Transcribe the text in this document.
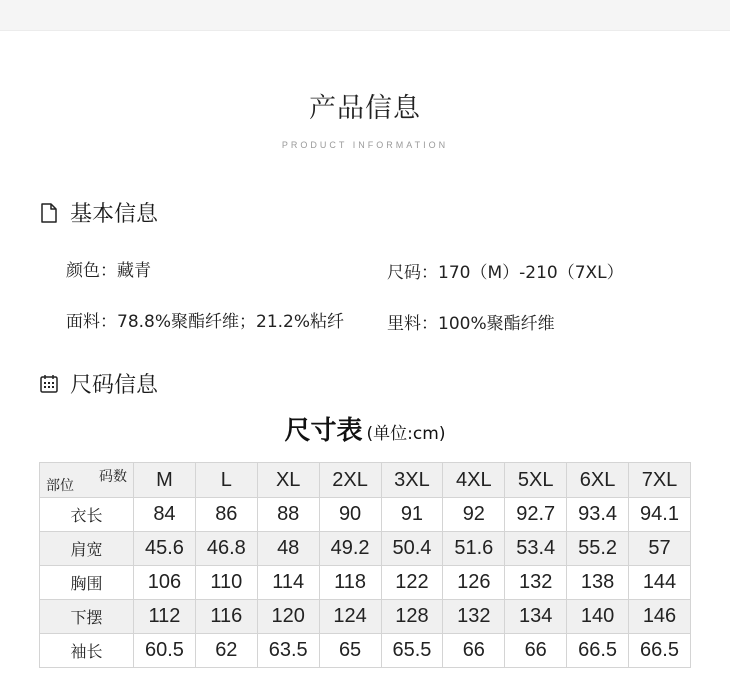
产品信息
PRODUCT INFORMATION
基本信息
颜色：藏青	尺码：170（M）-210（7XL）
面料：78.8%聚酯纤维；21.2%粘纤	里料：100%聚酯纤维
尺码信息
尺寸表 (单位:cm)
码数
部位	M	L	XL	2XL	3XL	4XL	5XL	6XL	7XL
衣长	84	86	88	90	91	92	92.7	93.4	94.1
肩宽	45.6	46.8	48	49.2	50.4	51.6	53.4	55.2	57
胸围	106	110	114	118	122	126	132	138	144
下摆	112	116	120	124	128	132	134	140	146
袖长	60.5	62	63.5	65	65.5	66	66	66.5	66.5
